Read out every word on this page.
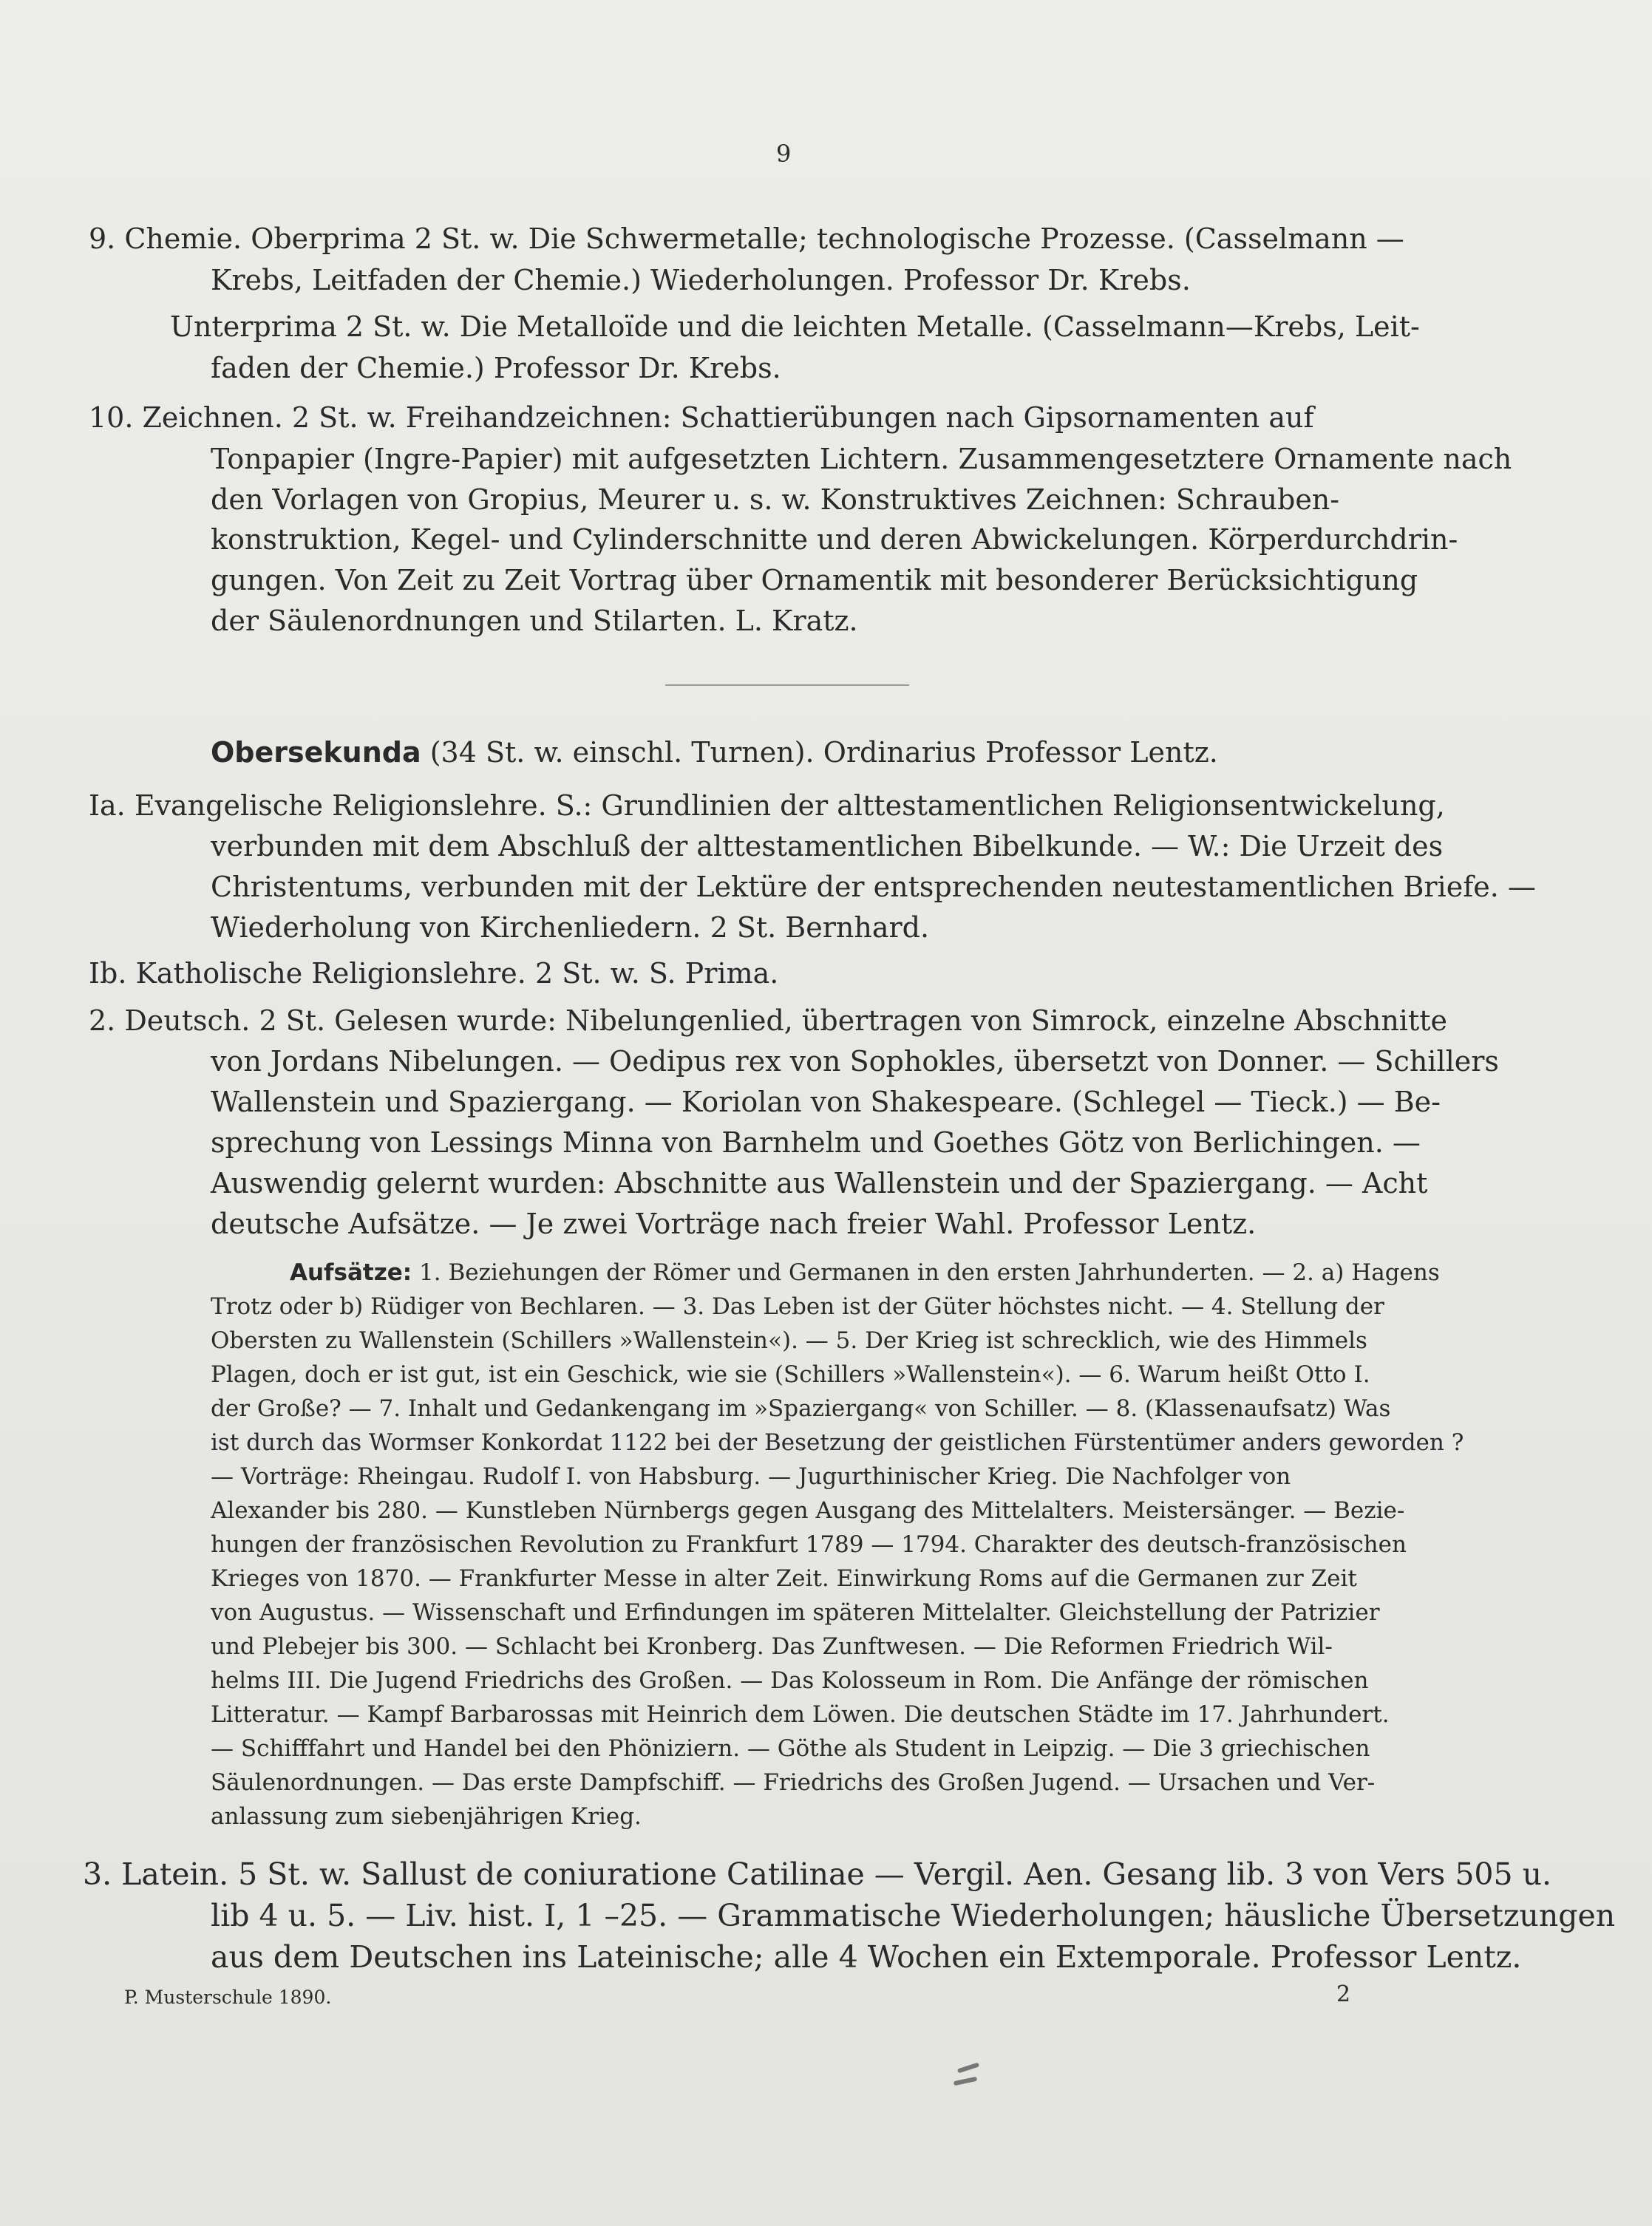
9
9. Chemie. Oberprima 2 St. w. Die Schwermetalle; technologische Prozesse. (Casselmann —
Krebs, Leitfaden der Chemie.) Wiederholungen. Professor Dr. Krebs.
Unterprima 2 St. w. Die Metalloïde und die leichten Metalle. (Casselmann—Krebs, Leit-
faden der Chemie.) Professor Dr. Krebs.
10. Zeichnen. 2 St. w. Freihandzeichnen: Schattierübungen nach Gipsornamenten auf
Tonpapier (Ingre-Papier) mit aufgesetzten Lichtern. Zusammengesetztere Ornamente nach
den Vorlagen von Gropius, Meurer u. s. w. Konstruktives Zeichnen: Schrauben-
konstruktion, Kegel- und Cylinderschnitte und deren Abwickelungen. Körperdurchdrin-
gungen. Von Zeit zu Zeit Vortrag über Ornamentik mit besonderer Berücksichtigung
der Säulenordnungen und Stilarten. L. Kratz.
Obersekunda (34 St. w. einschl. Turnen). Ordinarius Professor Lentz.
Ia. Evangelische Religionslehre. S.: Grundlinien der alttestamentlichen Religionsentwickelung,
verbunden mit dem Abschluß der alttestamentlichen Bibelkunde. — W.: Die Urzeit des
Christentums, verbunden mit der Lektüre der entsprechenden neutestamentlichen Briefe. —
Wiederholung von Kirchenliedern. 2 St. Bernhard.
Ib. Katholische Religionslehre. 2 St. w. S. Prima.
2. Deutsch. 2 St. Gelesen wurde: Nibelungenlied, übertragen von Simrock, einzelne Abschnitte
von Jordans Nibelungen. — Oedipus rex von Sophokles, übersetzt von Donner. — Schillers
Wallenstein und Spaziergang. — Koriolan von Shakespeare. (Schlegel — Tieck.) — Be-
sprechung von Lessings Minna von Barnhelm und Goethes Götz von Berlichingen. —
Auswendig gelernt wurden: Abschnitte aus Wallenstein und der Spaziergang. — Acht
deutsche Aufsätze. — Je zwei Vorträge nach freier Wahl. Professor Lentz.
Aufsätze: 1. Beziehungen der Römer und Germanen in den ersten Jahrhunderten. — 2. a) Hagens
Trotz oder b) Rüdiger von Bechlaren. — 3. Das Leben ist der Güter höchstes nicht. — 4. Stellung der
Obersten zu Wallenstein (Schillers »Wallenstein«). — 5. Der Krieg ist schrecklich, wie des Himmels
Plagen, doch er ist gut, ist ein Geschick, wie sie (Schillers »Wallenstein«). — 6. Warum heißt Otto I.
der Große? — 7. Inhalt und Gedankengang im »Spaziergang« von Schiller. — 8. (Klassenaufsatz) Was
ist durch das Wormser Konkordat 1122 bei der Besetzung der geistlichen Fürstentümer anders geworden ?
— Vorträge: Rheingau. Rudolf I. von Habsburg. — Jugurthinischer Krieg. Die Nachfolger von
Alexander bis 280. — Kunstleben Nürnbergs gegen Ausgang des Mittelalters. Meistersänger. — Bezie-
hungen der französischen Revolution zu Frankfurt 1789 — 1794. Charakter des deutsch-französischen
Krieges von 1870. — Frankfurter Messe in alter Zeit. Einwirkung Roms auf die Germanen zur Zeit
von Augustus. — Wissenschaft und Erfindungen im späteren Mittelalter. Gleichstellung der Patrizier
und Plebejer bis 300. — Schlacht bei Kronberg. Das Zunftwesen. — Die Reformen Friedrich Wil-
helms III. Die Jugend Friedrichs des Großen. — Das Kolosseum in Rom. Die Anfänge der römischen
Litteratur. — Kampf Barbarossas mit Heinrich dem Löwen. Die deutschen Städte im 17. Jahrhundert.
— Schifffahrt und Handel bei den Phöniziern. — Göthe als Student in Leipzig. — Die 3 griechischen
Säulenordnungen. — Das erste Dampfschiff. — Friedrichs des Großen Jugend. — Ursachen und Ver-
anlassung zum siebenjährigen Krieg.
3. Latein. 5 St. w. Sallust de coniuratione Catilinae — Vergil. Aen. Gesang lib. 3 von Vers 505 u.
lib 4 u. 5. — Liv. hist. I, 1 –25. — Grammatische Wiederholungen; häusliche Übersetzungen
aus dem Deutschen ins Lateinische; alle 4 Wochen ein Extemporale. Professor Lentz.
P. Musterschule 1890.	2
